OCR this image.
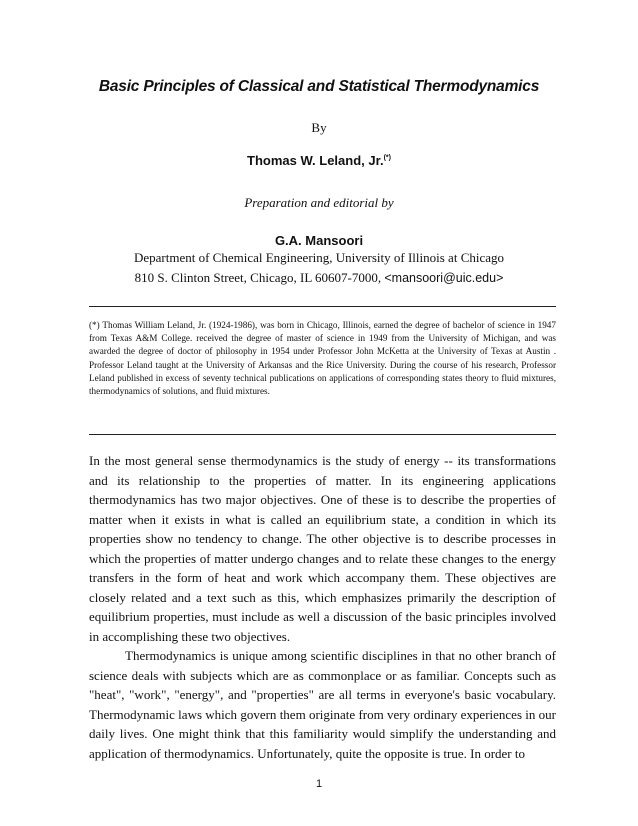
Basic Principles of Classical and Statistical Thermodynamics
By
Thomas W. Leland, Jr.(*)
Preparation and editorial by
G.A. Mansoori
Department of Chemical Engineering, University of Illinois at Chicago
810 S. Clinton Street, Chicago, IL 60607-7000, <mansoori@uic.edu>
(*) Thomas William Leland, Jr. (1924-1986), was born in Chicago, Illinois, earned the degree of bachelor of science in 1947 from Texas A&M College. received the degree of master of science in 1949 from the University of Michigan, and was awarded the degree of doctor of philosophy in 1954 under Professor John McKetta at the University of Texas at Austin . Professor Leland taught at the University of Arkansas and the Rice University. During the course of his research, Professor Leland published in excess of seventy technical publications on applications of corresponding states theory to fluid mixtures, thermodynamics of solutions, and fluid mixtures.

In the most general sense thermodynamics is the study of energy -- its transformations and its relationship to the properties of matter. In its engineering applications thermodynamics has two major objectives. One of these is to describe the properties of matter when it exists in what is called an equilibrium state, a condition in which its properties show no tendency to change. The other objective is to describe processes in which the properties of matter undergo changes and to relate these changes to the energy transfers in the form of heat and work which accompany them. These objectives are closely related and a text such as this, which emphasizes primarily the description of equilibrium properties, must include as well a discussion of the basic principles involved in accomplishing these two objectives.

Thermodynamics is unique among scientific disciplines in that no other branch of science deals with subjects which are as commonplace or as familiar. Concepts such as "heat", "work", "energy", and "properties" are all terms in everyone's basic vocabulary. Thermodynamic laws which govern them originate from very ordinary experiences in our daily lives. One might think that this familiarity would simplify the understanding and application of thermodynamics. Unfortunately, quite the opposite is true. In order to

1
